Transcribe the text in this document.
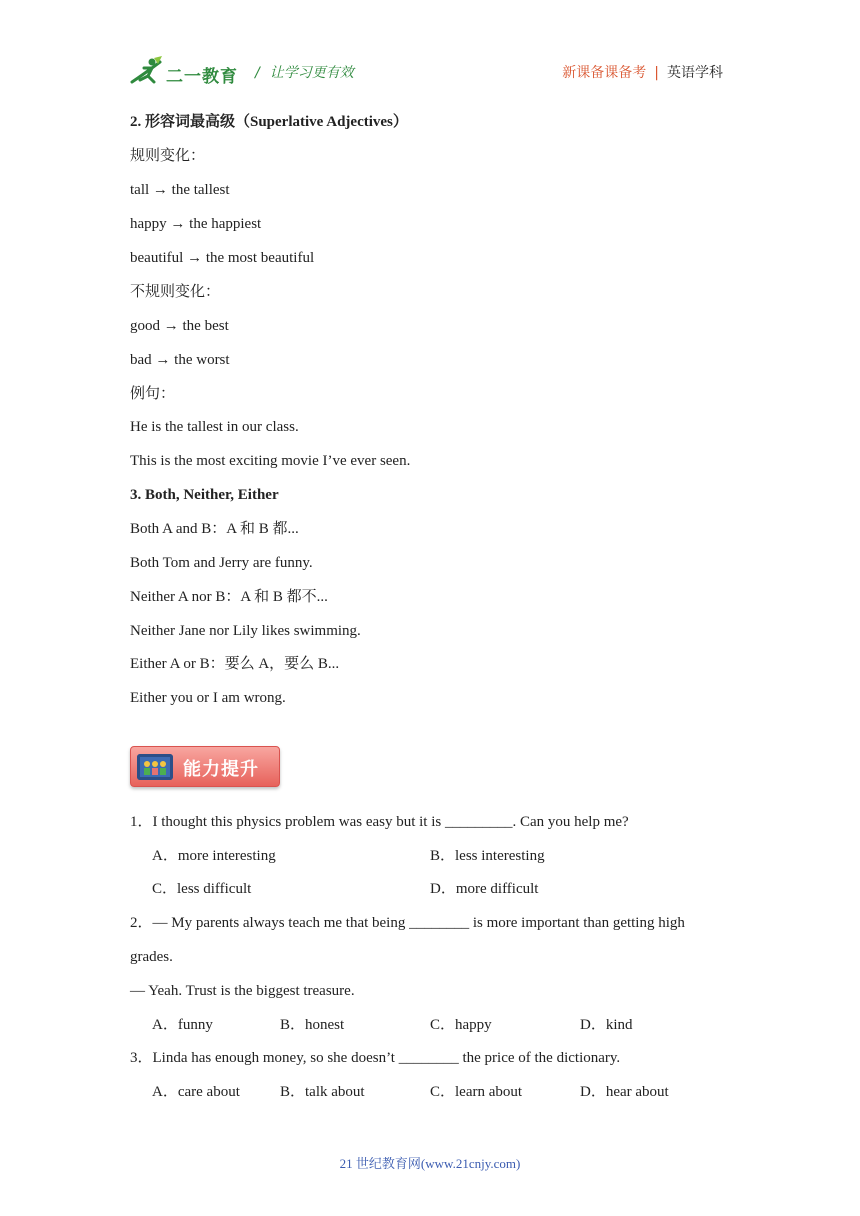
二一教育 / 让学习更有效	新课备课备考 | 英语学科
2. 形容词最高级（Superlative Adjectives）
规则变化：
tall → the tallest
happy → the happiest
beautiful → the most beautiful
不规则变化：
good → the best
bad → the worst
例句：
He is the tallest in our class.
This is the most exciting movie I’ve ever seen.
3. Both, Neither, Either
Both A and B：A 和 B 都...
Both Tom and Jerry are funny.
Neither A nor B：A 和 B 都不...
Neither Jane nor Lily likes swimming.
Either A or B：要么 A，要么 B...
Either you or I am wrong.
能力提升
1．I thought this physics problem was easy but it is _________. Can you help me?
A．more interesting	B．less interesting
C．less difficult	D．more difficult
2．— My parents always teach me that being ________ is more important than getting high
grades.
— Yeah. Trust is the biggest treasure.
A．funny	B．honest	C．happy	D．kind
3．Linda has enough money, so she doesn’t ________ the price of the dictionary.
A．care about	B．talk about	C．learn about	D．hear about
21 世纪教育网(www.21cnjy.com)
